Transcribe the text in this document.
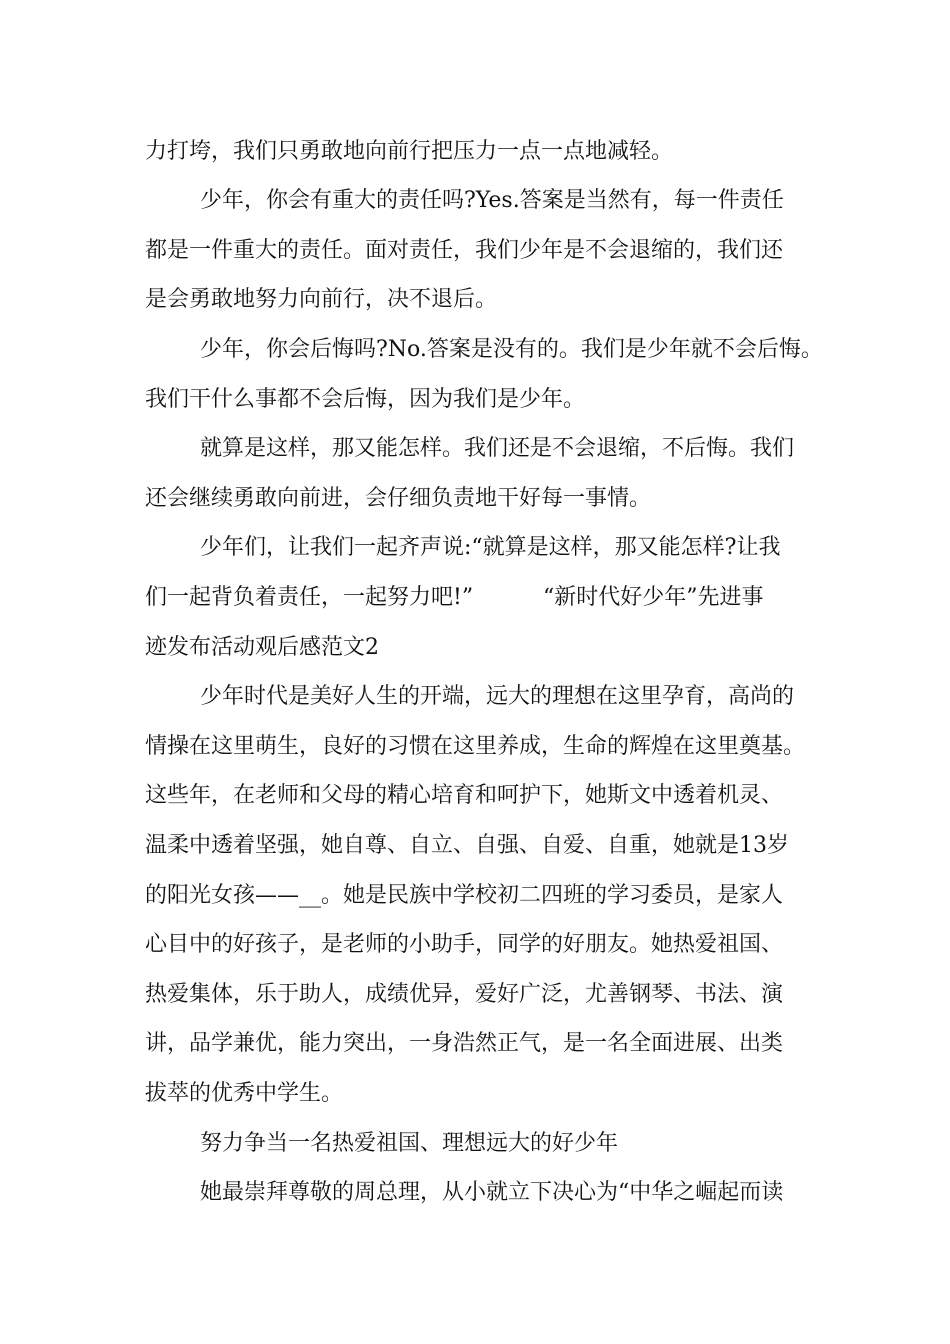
力打垮，我们只勇敢地向前行把压力一点一点地减轻。

少年，你会有重大的责任吗?Yes.答案是当然有，每一件责任

都是一件重大的责任。面对责任，我们少年是不会退缩的，我们还

是会勇敢地努力向前行，决不退后。

少年，你会后悔吗?No.答案是没有的。我们是少年就不会后悔。

我们干什么事都不会后悔，因为我们是少年。

就算是这样，那又能怎样。我们还是不会退缩，不后悔。我们

还会继续勇敢向前进，会仔细负责地干好每一事情。

少年们，让我们一起齐声说:“就算是这样，那又能怎样?让我

们一起背负着责任，一起努力吧!”          “新时代好少年”先进事

迹发布活动观后感范文2

少年时代是美好人生的开端，远大的理想在这里孕育，高尚的

情操在这里萌生，良好的习惯在这里养成，生命的辉煌在这里奠基。

这些年，在老师和父母的精心培育和呵护下，她斯文中透着机灵、

温柔中透着坚强，她自尊、自立、自强、自爱、自重，她就是13岁

的阳光女孩——__。她是民族中学校初二四班的学习委员，是家人

心目中的好孩子，是老师的小助手，同学的好朋友。她热爱祖国、

热爱集体，乐于助人，成绩优异，爱好广泛，尤善钢琴、书法、演

讲，品学兼优，能力突出，一身浩然正气，是一名全面进展、出类

拔萃的优秀中学生。

努力争当一名热爱祖国、理想远大的好少年

她最崇拜尊敬的周总理，从小就立下决心为“中华之崛起而读
